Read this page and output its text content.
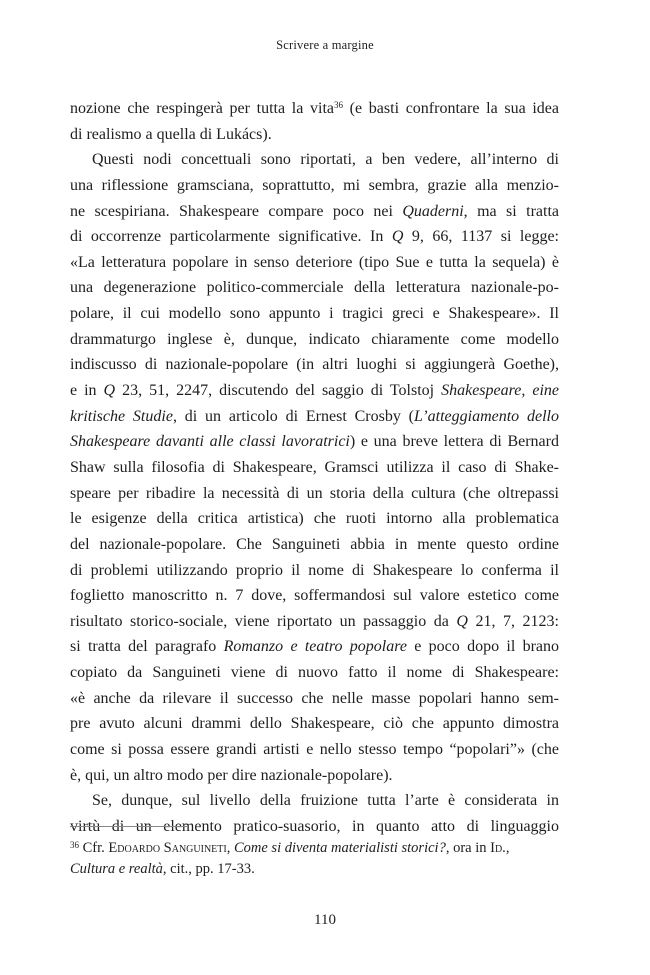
Scrivere a margine
nozione che respingerà per tutta la vita$^{36}$ (e basti confrontare la sua idea
di realismo a quella di Lukács).
Questi nodi concettuali sono riportati, a ben vedere, all’interno di
una riflessione gramsciana, soprattutto, mi sembra, grazie alla menzio-
ne scespiriana. Shakespeare compare poco nei Quaderni, ma si tratta
di occorrenze particolarmente significative. In Q 9, 66, 1137 si legge:
«La letteratura popolare in senso deteriore (tipo Sue e tutta la sequela) è
una degenerazione politico-commerciale della letteratura nazionale-po-
polare, il cui modello sono appunto i tragici greci e Shakespeare». Il
drammaturgo inglese è, dunque, indicato chiaramente come modello
indiscusso di nazionale-popolare (in altri luoghi si aggiungerà Goethe),
e in Q 23, 51, 2247, discutendo del saggio di Tolstoj Shakespeare, eine
kritische Studie, di un articolo di Ernest Crosby (L’atteggiamento dello
Shakespeare davanti alle classi lavoratrici) e una breve lettera di Bernard
Shaw sulla filosofia di Shakespeare, Gramsci utilizza il caso di Shake-
speare per ribadire la necessità di un storia della cultura (che oltrepassi
le esigenze della critica artistica) che ruoti intorno alla problematica
del nazionale-popolare. Che Sanguineti abbia in mente questo ordine
di problemi utilizzando proprio il nome di Shakespeare lo conferma il
foglietto manoscritto n. 7 dove, soffermandosi sul valore estetico come
risultato storico-sociale, viene riportato un passaggio da Q 21, 7, 2123:
si tratta del paragrafo Romanzo e teatro popolare e poco dopo il brano
copiato da Sanguineti viene di nuovo fatto il nome di Shakespeare:
«è anche da rilevare il successo che nelle masse popolari hanno sem-
pre avuto alcuni drammi dello Shakespeare, ciò che appunto dimostra
come si possa essere grandi artisti e nello stesso tempo “popolari”» (che
è, qui, un altro modo per dire nazionale-popolare).
Se, dunque, sul livello della fruizione tutta l’arte è considerata in
virtù di un elemento pratico-suasorio, in quanto atto di linguaggio
$^{36}$ Cfr. Edoardo Sanguineti, Come si diventa materialisti storici?, ora in Id.,
Cultura e realtà, cit., pp. 17-33.
110
